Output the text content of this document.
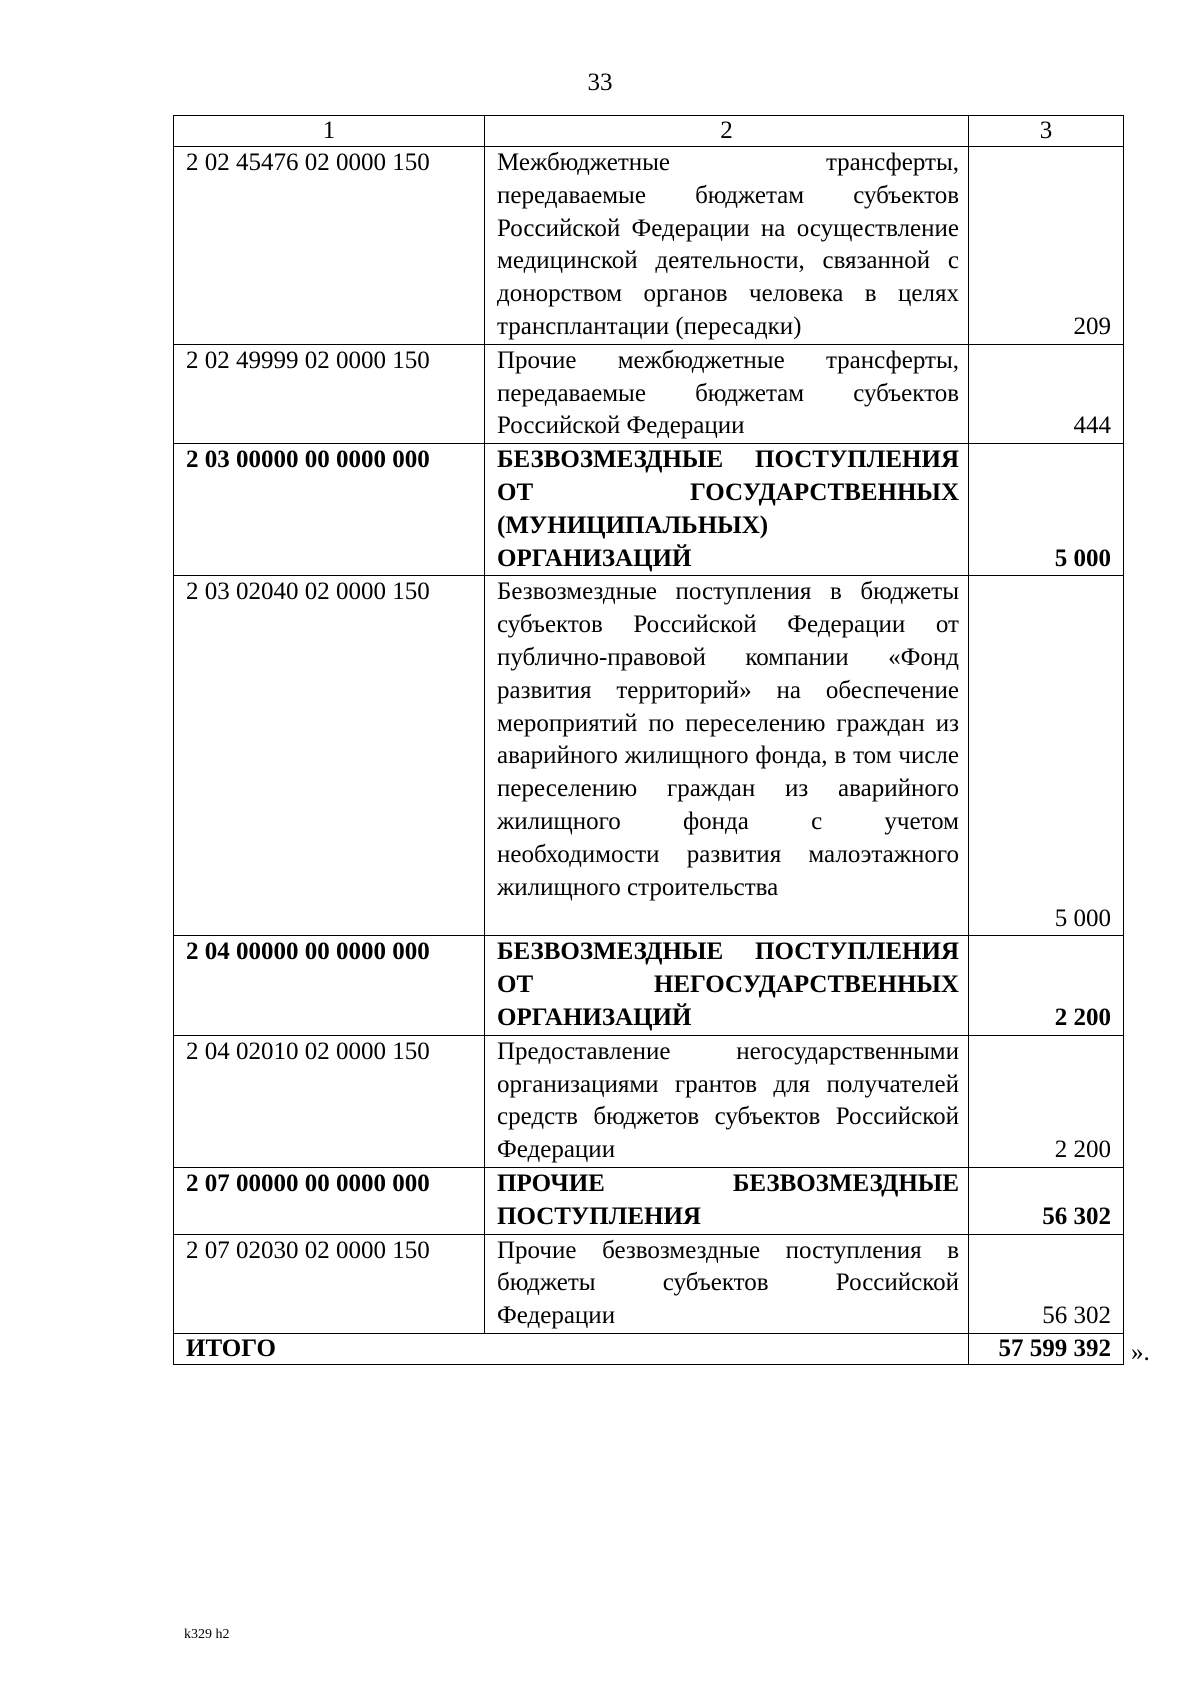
33
1	2	3
2 02 45476 02 0000 150	Межбюджетные трансферты, передаваемые бюджетам субъектов Российской Федерации на осуществление медицинской деятельности, связанной с донорством органов человека в целях трансплантации (пересадки)	209
2 02 49999 02 0000 150	Прочие межбюджетные трансферты, передаваемые бюджетам субъектов Российской Федерации	444
2 03 00000 00 0000 000	БЕЗВОЗМЕЗДНЫЕ ПОСТУПЛЕНИЯ ОТ ГОСУДАРСТВЕННЫХ (МУНИЦИПАЛЬНЫХ) ОРГАНИЗАЦИЙ	5 000
2 03 02040 02 0000 150	Безвозмездные поступления в бюджеты субъектов Российской Федерации от публично-правовой компании «Фонд развития территорий» на обеспечение мероприятий по переселению граждан из аварийного жилищного фонда, в том числе переселению граждан из аварийного жилищного фонда с учетом необходимости развития малоэтажного жилищного строительства	5 000
2 04 00000 00 0000 000	БЕЗВОЗМЕЗДНЫЕ ПОСТУПЛЕНИЯ ОТ НЕГОСУДАРСТВЕННЫХ ОРГАНИЗАЦИЙ	2 200
2 04 02010 02 0000 150	Предоставление негосударственными организациями грантов для получателей средств бюджетов субъектов Российской Федерации	2 200
2 07 00000 00 0000 000	ПРОЧИЕ БЕЗВОЗМЕЗДНЫЕ ПОСТУПЛЕНИЯ	56 302
2 07 02030 02 0000 150	Прочие безвозмездные поступления в бюджеты субъектов Российской Федерации	56 302
ИТОГО		57 599 392 ».
k329 h2
